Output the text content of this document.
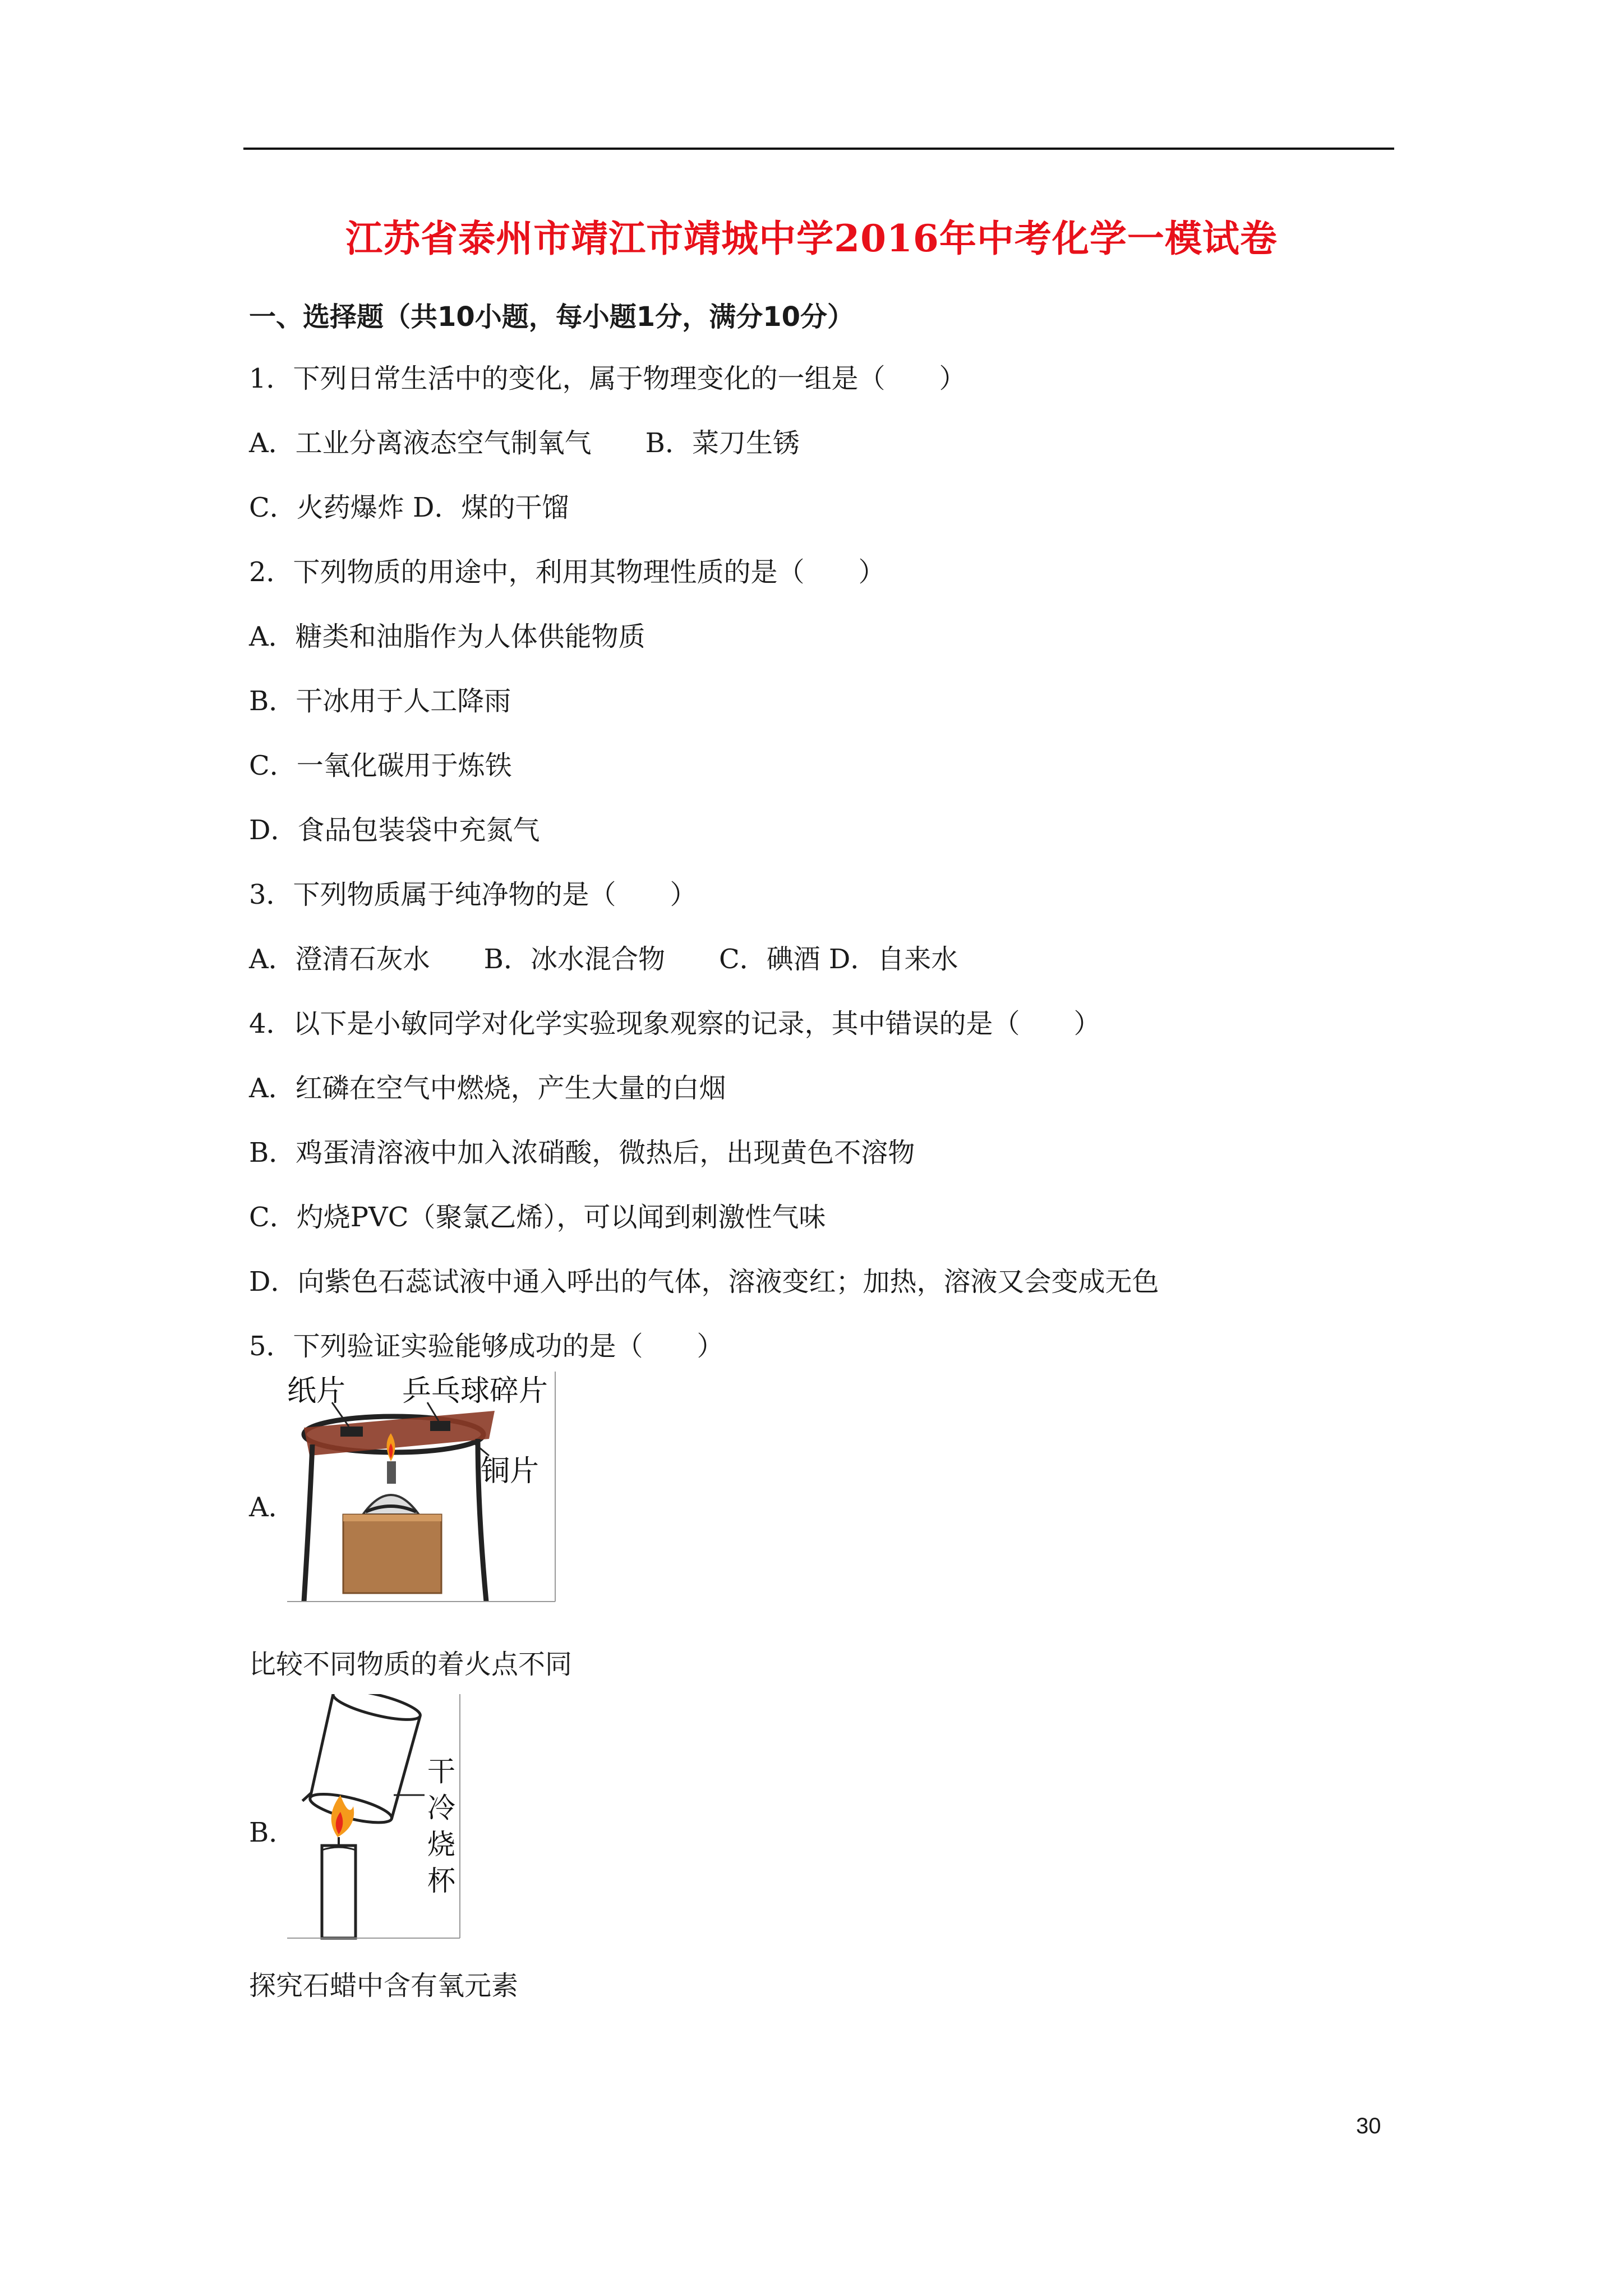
江苏省泰州市靖江市靖城中学2016年中考化学一模试卷
一、选择题（共10小题，每小题1分，满分10分）
1．下列日常生活中的变化，属于物理变化的一组是（　　）
A．工业分离液态空气制氧气　　B．菜刀生锈
C．火药爆炸 D．煤的干馏
2．下列物质的用途中，利用其物理性质的是（　　）
A．糖类和油脂作为人体供能物质
B．干冰用于人工降雨
C．一氧化碳用于炼铁
D．食品包装袋中充氮气
3．下列物质属于纯净物的是（　　）
A．澄清石灰水　　B．冰水混合物　　C．碘酒 D．自来水
4．以下是小敏同学对化学实验现象观察的记录，其中错误的是（　　）
A．红磷在空气中燃烧，产生大量的白烟
B．鸡蛋清溶液中加入浓硝酸，微热后，出现黄色不溶物
C．灼烧PVC（聚氯乙烯），可以闻到刺激性气味
D．向紫色石蕊试液中通入呼出的气体，溶液变红；加热，溶液又会变成无色
5．下列验证实验能够成功的是（　　）
A．
纸片 乒乓球碎片
铜片
比较不同物质的着火点不同
B．
干
冷
烧
杯
探究石蜡中含有氧元素
30
